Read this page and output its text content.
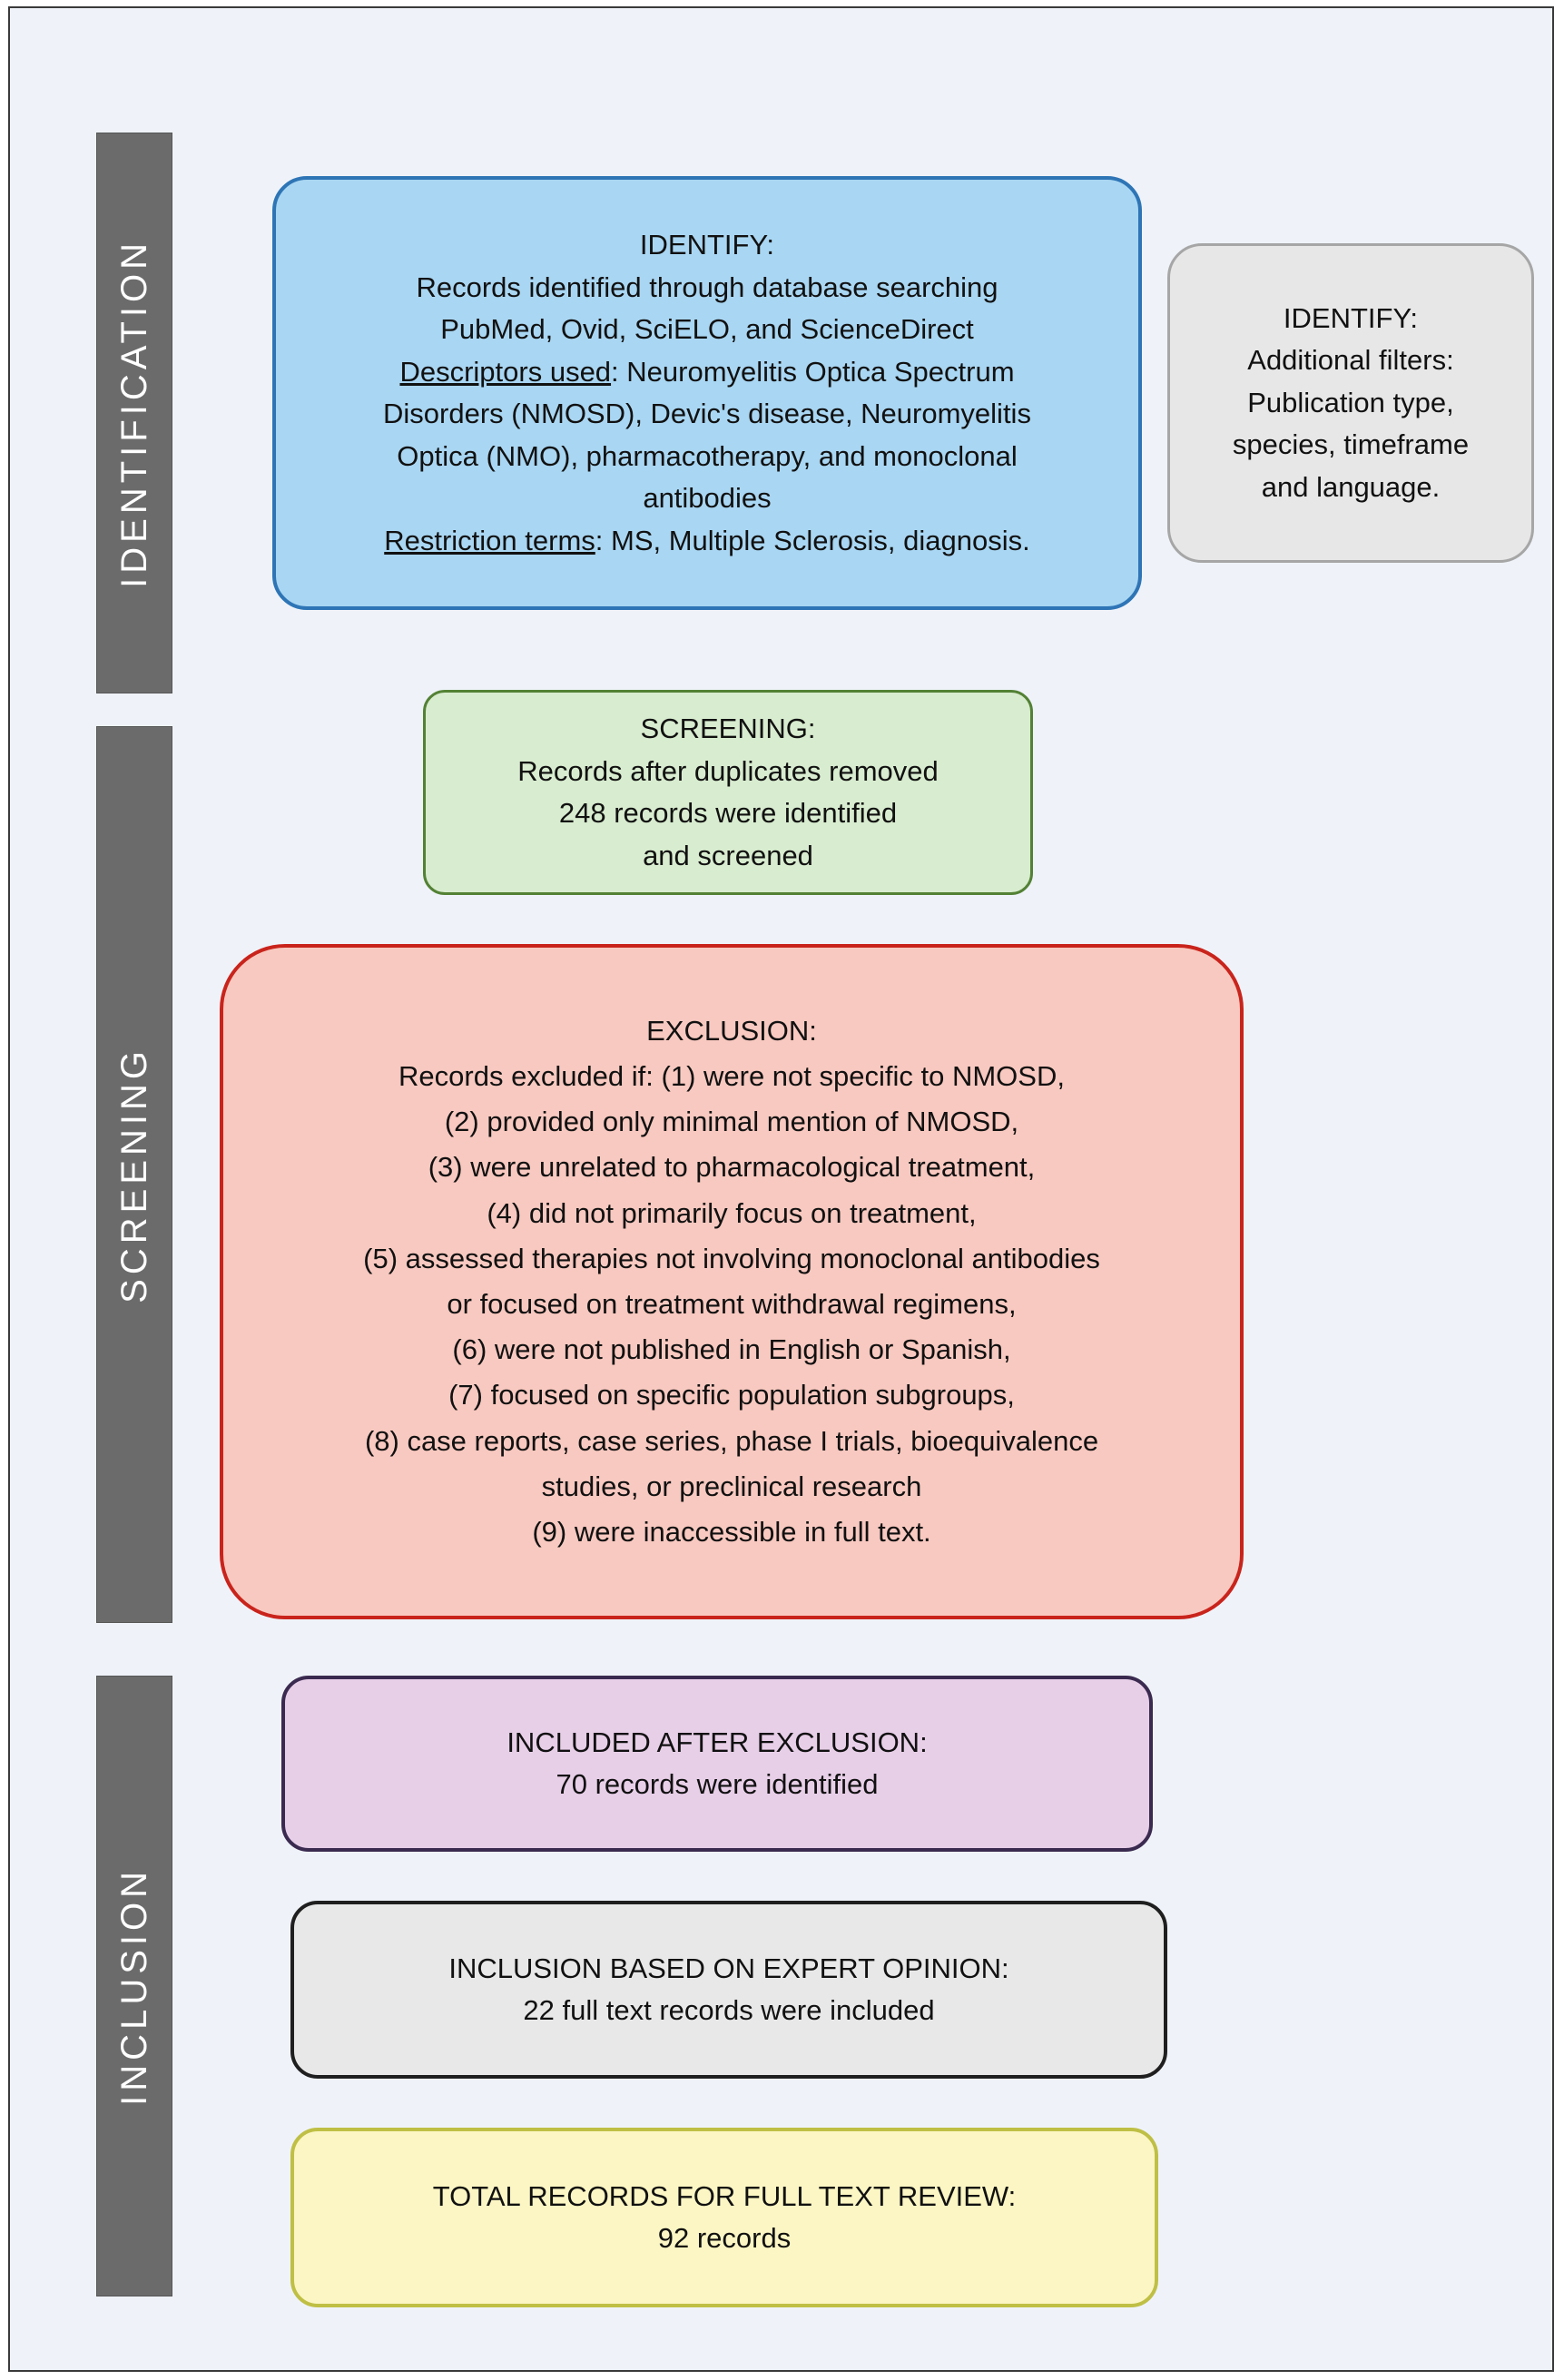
IDENTIFICATION
SCREENING
INCLUSION
IDENTIFY:
Records identified through database searching
PubMed, Ovid, SciELO, and ScienceDirect
Descriptors used: Neuromyelitis Optica Spectrum
Disorders (NMOSD), Devic's disease, Neuromyelitis
Optica (NMO), pharmacotherapy, and monoclonal
antibodies
Restriction terms: MS, Multiple Sclerosis, diagnosis.
IDENTIFY:
Additional filters:
Publication type,
species, timeframe
and language.
SCREENING:
Records after duplicates removed
248 records were identified
and screened
EXCLUSION:
Records excluded if: (1) were not specific to NMOSD,
(2) provided only minimal mention of NMOSD,
(3) were unrelated to pharmacological treatment,
(4) did not primarily focus on treatment,
(5) assessed therapies not involving monoclonal antibodies
or focused on treatment withdrawal regimens,
(6) were not published in English or Spanish,
(7) focused on specific population subgroups,
(8) case reports, case series, phase I trials, bioequivalence
studies, or preclinical research
(9) were inaccessible in full text.
INCLUDED AFTER EXCLUSION:
70 records were identified
INCLUSION BASED ON EXPERT OPINION:
22 full text records were included
TOTAL RECORDS FOR FULL TEXT REVIEW:
92 records
